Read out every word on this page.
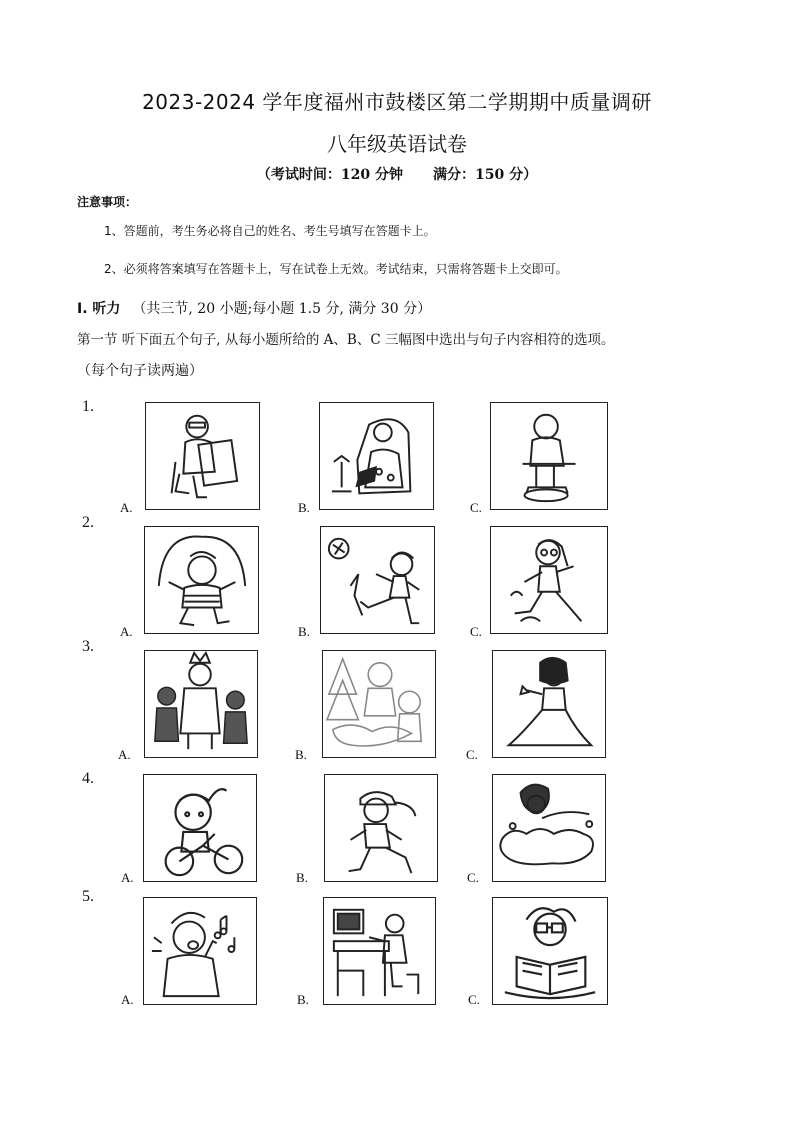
2023-2024 学年度福州市鼓楼区第二学期期中质量调研
八年级英语试卷
（考试时间：120 分钟 满分：150 分）
注意事项：
1、答题前，考生务必将自己的姓名、考生号填写在答题卡上。
2、必须将答案填写在答题卡上，写在试卷上无效。考试结束，只需将答题卡上交即可。
I. 听力 （共三节, 20 小题;每小题 1.5 分, 满分 30 分）
第一节 听下面五个句子, 从每小题所给的 A、B、C 三幅图中选出与句子内容相符的选项。
（每个句子读两遍）
1.
A.	B.	C.
2.
A.	B.	C.
3.
A.	B.	C.
4.
A.	B.	C.
5.
A.	B.	C.
